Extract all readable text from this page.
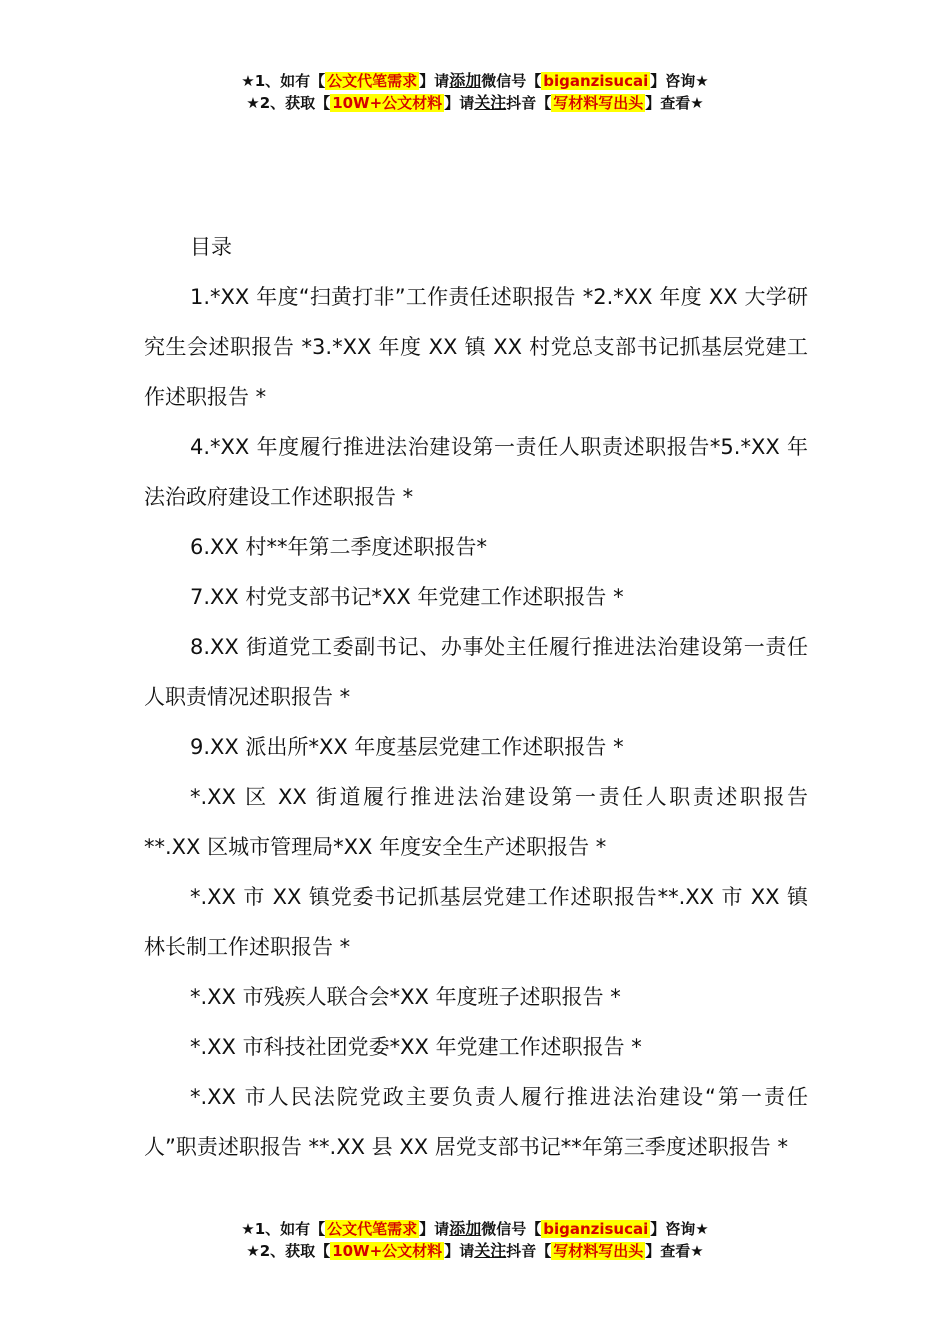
★1、如有【 公文代笔需求 】请添加微信号【 biganzisucai 】咨询★
★2、获取【 10W+公文材料 】请关注抖音【 写材料写出头 】查看★

目录

1.*XX 年度“扫黄打非”工作责任述职报告 *2.*XX 年度 XX 大学研究生会述职报告 *3.*XX 年度 XX 镇 XX 村党总支部书记抓基层党建工作述职报告 *

4.*XX 年度履行推进法治建设第一责任人职责述职报告*5.*XX 年法治政府建设工作述职报告 *

6.XX 村**年第二季度述职报告*

7.XX 村党支部书记*XX 年党建工作述职报告 *

8.XX 街道党工委副书记、办事处主任履行推进法治建设第一责任人职责情况述职报告 *

9.XX 派出所*XX 年度基层党建工作述职报告 *

*.XX 区 XX 街道履行推进法治建设第一责任人职责述职报告 **.XX 区城市管理局*XX 年度安全生产述职报告 *

*.XX 市 XX 镇党委书记抓基层党建工作述职报告**.XX 市 XX 镇林长制工作述职报告 *

*.XX 市残疾人联合会*XX 年度班子述职报告 *

*.XX 市科技社团党委*XX 年党建工作述职报告 *

*.XX 市人民法院党政主要负责人履行推进法治建设“第一责任人”职责述职报告 **.XX 县 XX 居党支部书记**年第三季度述职报告 *

★1、如有【 公文代笔需求 】请添加微信号【 biganzisucai 】咨询★
★2、获取【 10W+公文材料 】请关注抖音【 写材料写出头 】查看★
